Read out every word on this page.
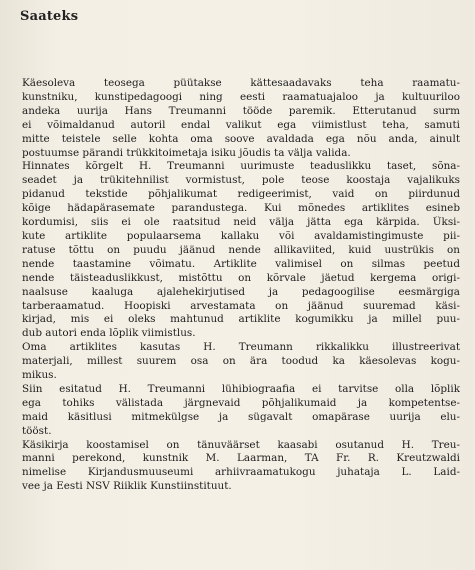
Saateks

Käesoleva teosega püütakse kättesaadavaks teha raamatu-
kunstniku, kunstipedagoogi ning eesti raamatuajaloo ja kultuuriloo
andeka uurija Hans Treumanni tööde paremik. Etterutanud surm
ei võimaldanud autoril endal valikut ega viimistlust teha, samuti
mitte teistele selle kohta oma soove avaldada ega nõu anda, ainult
postuumse pärandi trükkitoimetaja isiku jõudis ta välja valida.

Hinnates kõrgelt H. Treumanni uurimuste teaduslikku taset, sõna-
seadet ja trükitehnilist vormistust, pole teose koostaja vajalikuks
pidanud tekstide põhjalikumat redigeerimist, vaid on piirdunud
kõige hädapärasemate parandustega. Kui mõnedes artiklites esineb
kordumisi, siis ei ole raatsitud neid välja jätta ega kärpida. Üksi-
kute artiklite populaarsema kallaku või avaldamistingimuste pii-
ratuse tõttu on puudu jäänud nende allikaviited, kuid uustrükis on
nende taastamine võimatu. Artiklite valimisel on silmas peetud
nende täisteaduslikkust, mistõttu on kõrvale jäetud kergema origi-
naalsuse kaaluga ajalehekirjutised ja pedagoogilise eesmärgiga
tarberaamatud. Hoopiski arvestamata on jäänud suuremad käsi-
kirjad, mis ei oleks mahtunud artiklite kogumikku ja millel puu-
dub autori enda lõplik viimistlus.

Oma artiklites kasutas H. Treumann rikkalikku illustreerivat
materjali, millest suurem osa on ära toodud ka käesolevas kogu-
mikus.

Siin esitatud H. Treumanni lühibiograafia ei tarvitse olla lõplik
ega tohiks välistada järgnevaid põhjalikumaid ja kompetentse-
maid käsitlusi mitmekülgse ja sügavalt omapärase uurija elu-
tööst.

Käsikirja koostamisel on tänuväärset kaasabi osutanud H. Treu-
manni perekond, kunstnik M. Laarman, TA Fr. R. Kreutzwaldi
nimelise Kirjandusmuuseumi arhiivraamatukogu juhataja L. Laid-
vee ja Eesti NSV Riiklik Kunstiinstituut.
